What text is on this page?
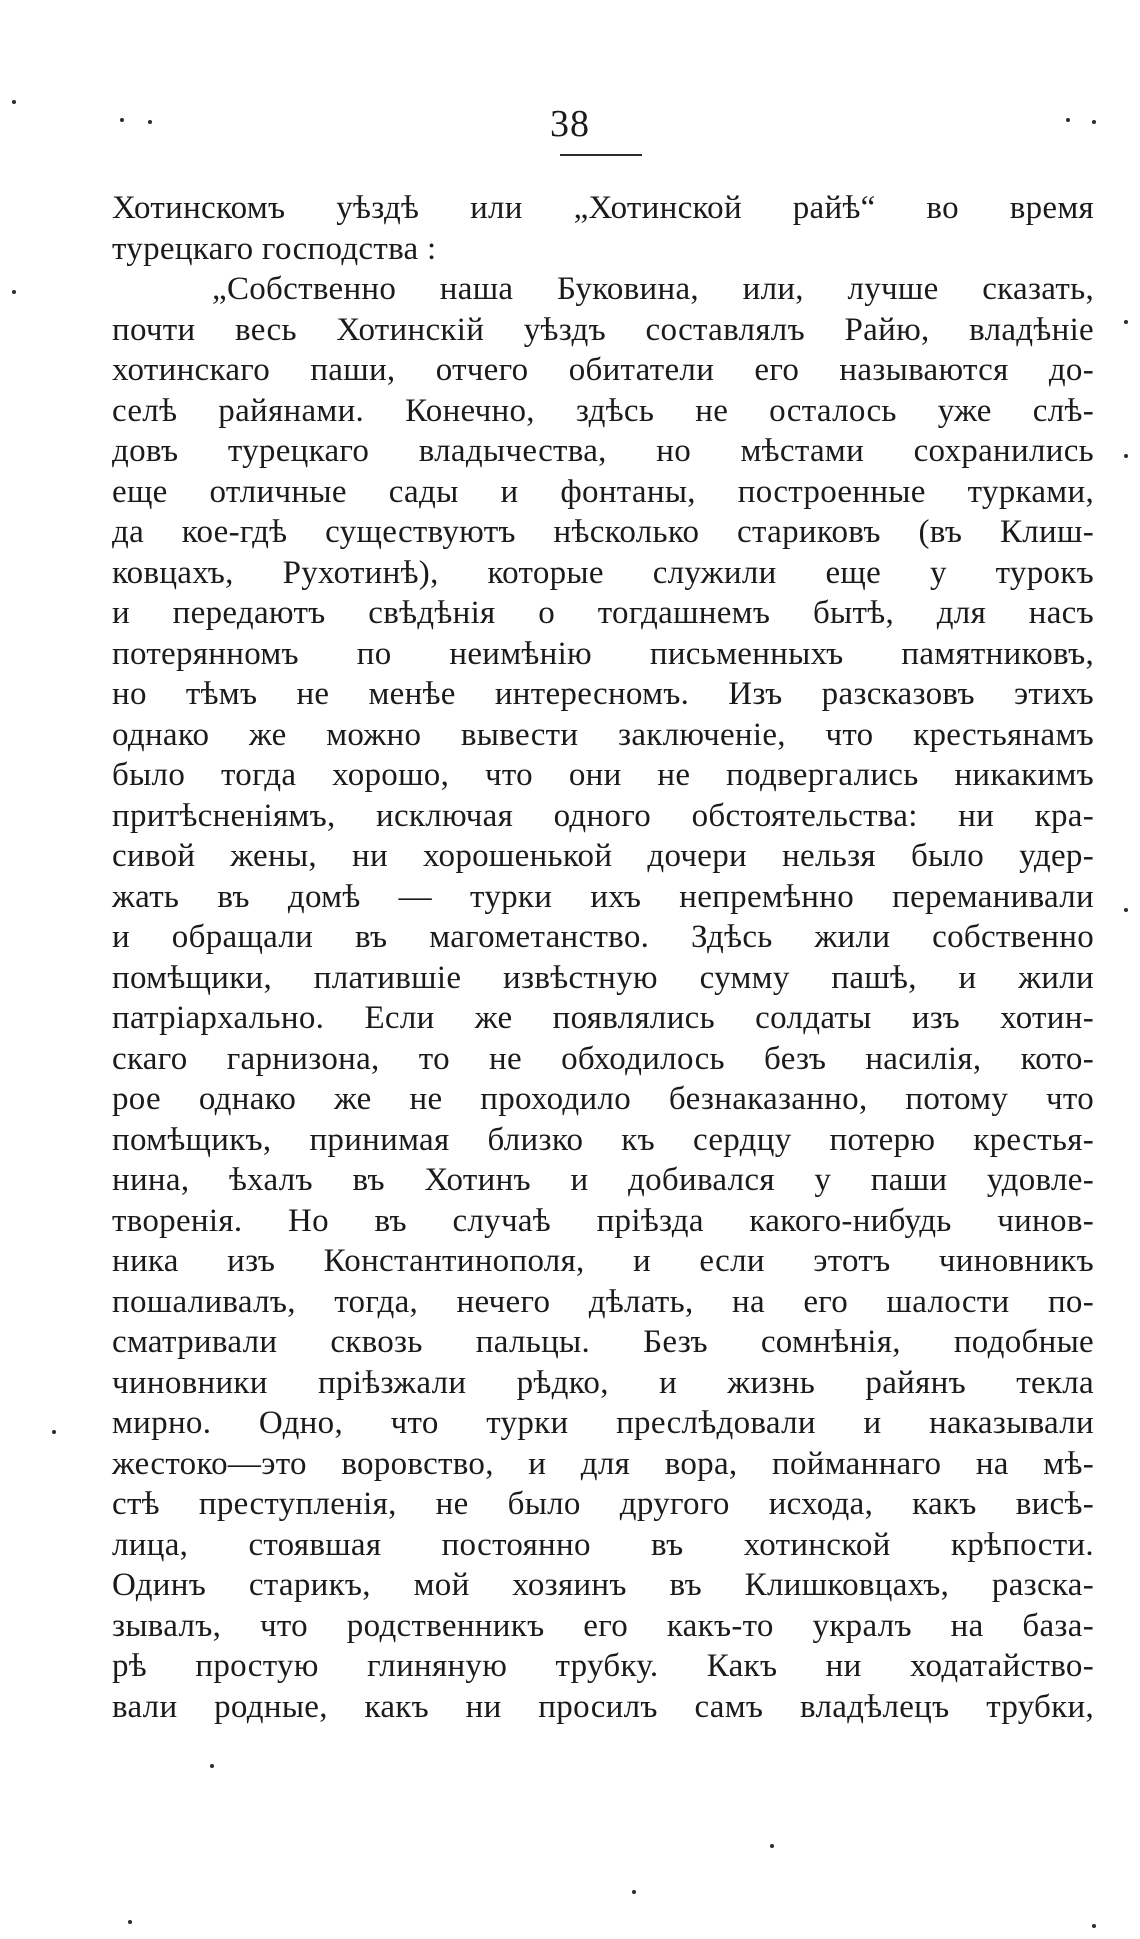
38
Хотинскомъ уѣздѣ или „Хотинской райѣ“ во время
турецкаго господства :
„Собственно наша Буковина, или, лучше сказать,
почти весь Хотинскій уѣздъ составлялъ Райю, владѣніе
хотинскаго паши, отчего обитатели его называются до-
селѣ райянами. Конечно, здѣсь не осталось уже слѣ-
довъ турецкаго владычества, но мѣстами сохранились
еще отличные сады и фонтаны, построенные турками,
да кое-гдѣ существуютъ нѣсколько стариковъ (въ Клиш-
ковцахъ, Рухотинѣ), которые служили еще у турокъ
и передаютъ свѣдѣнія о тогдашнемъ бытѣ, для насъ
потерянномъ по неимѣнію письменныхъ памятниковъ,
но тѣмъ не менѣе интересномъ. Изъ разсказовъ этихъ
однако же можно вывести заключеніе, что крестьянамъ
было тогда хорошо, что они не подвергались никакимъ
притѣсненіямъ, исключая одного обстоятельства: ни кра-
сивой жены, ни хорошенькой дочери нельзя было удер-
жать въ домѣ — турки ихъ непремѣнно переманивали
и обращали въ магометанство. Здѣсь жили собственно
помѣщики, платившіе извѣстную сумму пашѣ, и жили
патріархально. Если же появлялись солдаты изъ хотин-
скаго гарнизона, то не обходилось безъ насилія, кото-
рое однако же не проходило безнаказанно, потому что
помѣщикъ, принимая близко къ сердцу потерю крестья-
нина, ѣхалъ въ Хотинъ и добивался у паши удовле-
творенія. Но въ случаѣ пріѣзда какого-нибудь чинов-
ника изъ Константинополя, и если этотъ чиновникъ
пошаливалъ, тогда, нечего дѣлать, на его шалости по-
сматривали сквозь пальцы. Безъ сомнѣнія, подобные
чиновники пріѣзжали рѣдко, и жизнь райянъ текла
мирно. Одно, что турки преслѣдовали и наказывали
жестоко—это воровство, и для вора, пойманнаго на мѣ-
стѣ преступленія, не было другого исхода, какъ висѣ-
лица, стоявшая постоянно въ хотинской крѣпости.
Одинъ старикъ, мой хозяинъ въ Клишковцахъ, разска-
зывалъ, что родственникъ его какъ-то укралъ на база-
рѣ простую глиняную трубку. Какъ ни ходатайство-
вали родные, какъ ни просилъ самъ владѣлецъ трубки,
